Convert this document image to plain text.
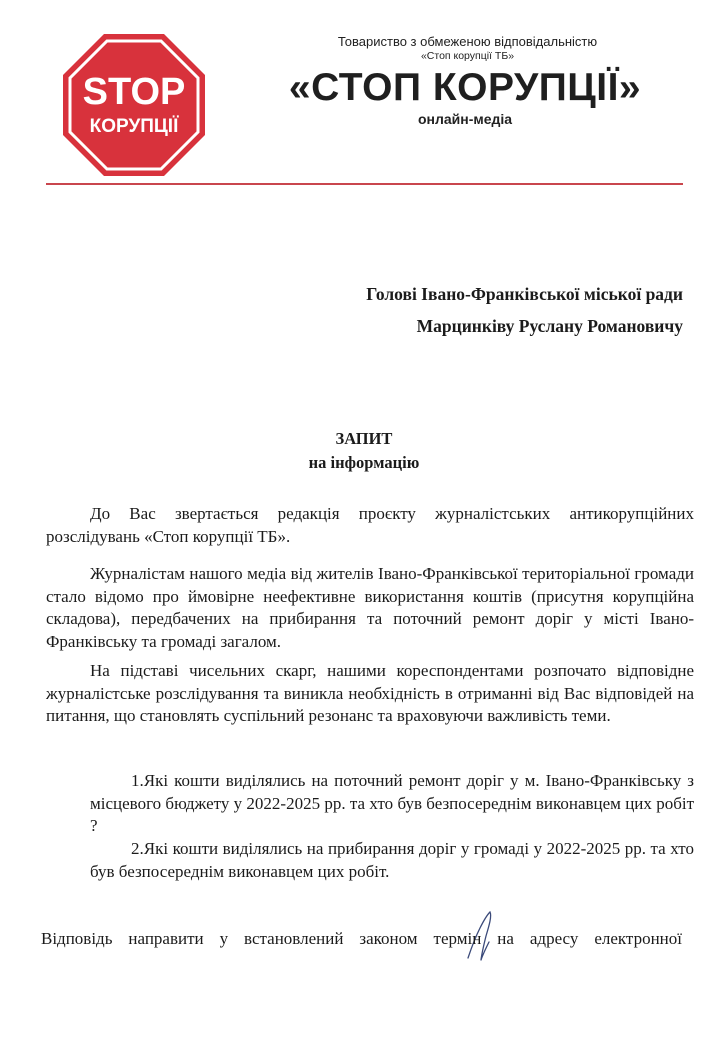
STOP
КОРУПЦІЇ
Товариство з обмеженою відповідальністю
«Стоп корупції ТБ»
«СТОП КОРУПЦІЇ»
онлайн-медіа
Голові Івано-Франківської міської ради
Марцинківу Руслану Романовичу
ЗАПИТ
на інформацію
До Вас звертається редакція проєкту журналістських антикорупційних розслідувань «Стоп корупції ТБ».
Журналістам нашого медіа від жителів Івано-Франківської територіальної громади стало відомо про ймовірне неефективне використання коштів (присутня корупційна складова), передбачених на прибирання та поточний ремонт доріг у місті Івано-Франківську та громаді загалом.
На підставі чисельних скарг, нашими кореспондентами розпочато відповідне журналістське розслідування та виникла необхідність в отриманні від Вас відповідей на питання, що становлять суспільний резонанс та враховуючи важливість теми.
1.Які кошти виділялись на поточний ремонт доріг у м. Івано-Франківську з місцевого бюджету у 2022-2025 рр. та хто був безпосереднім виконавцем цих робіт ?
2.Які кошти виділялись на прибирання доріг у громаді у 2022-2025 рр. та хто був безпосереднім виконавцем цих робіт.
Відповідь направити у встановлений законом термін на адресу електронної
